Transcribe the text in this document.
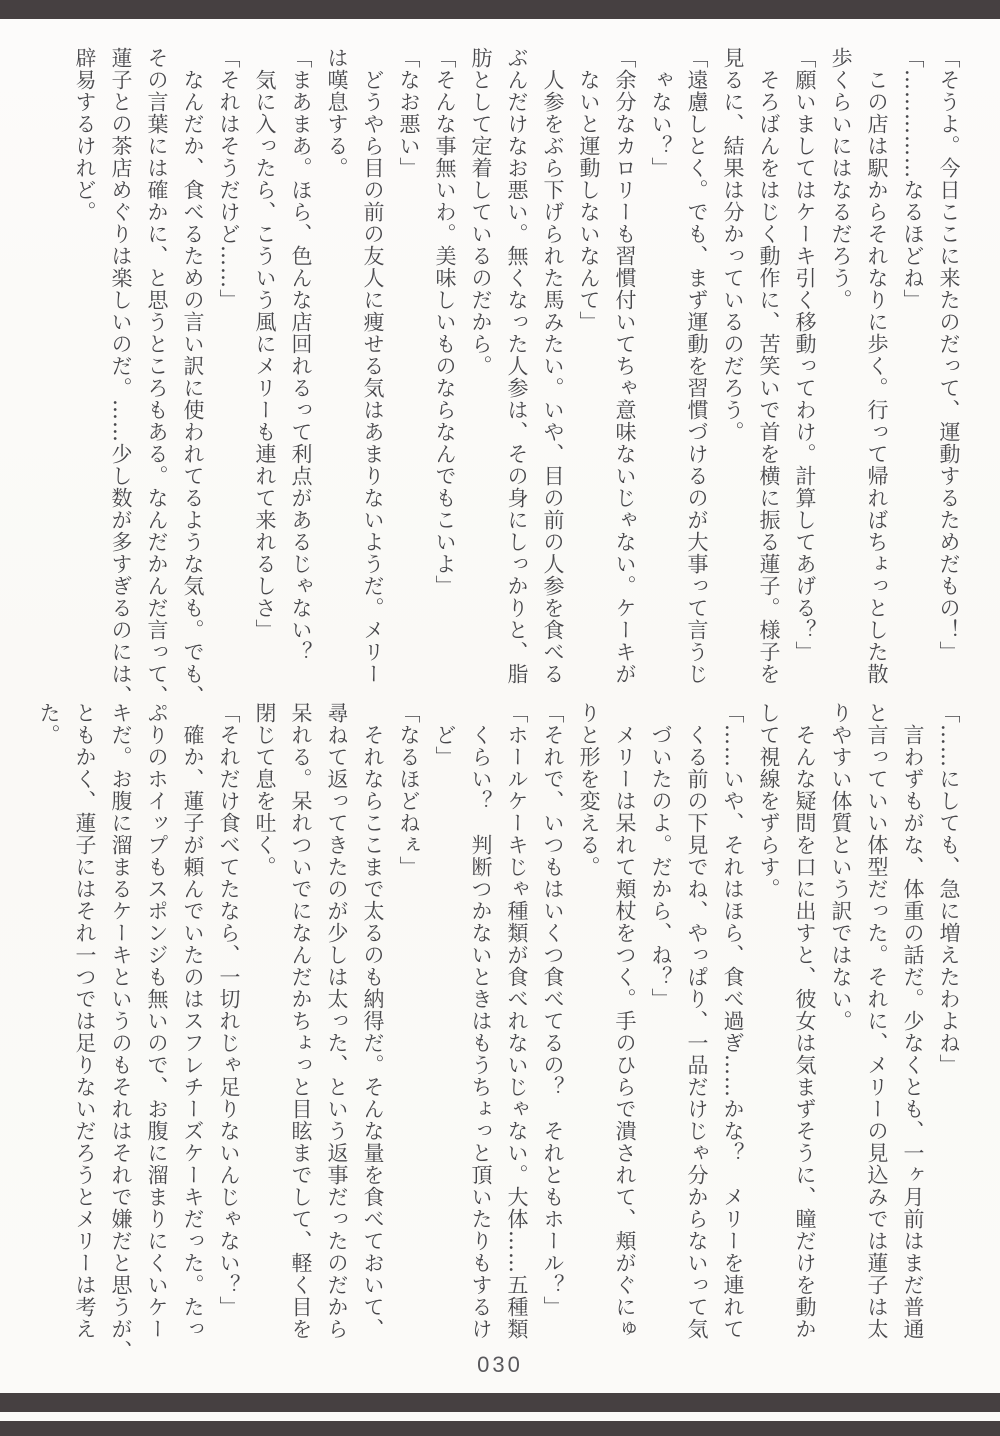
「そうよ。今日ここに来たのだって、運動するためだもの！」
「……………なるほどね」
この店は駅からそれなりに歩く。行って帰ればちょっとした散
歩くらいにはなるだろう。
「願いましてはケーキ引く移動ってわけ。計算してあげる？」
そろばんをはじく動作に、苦笑いで首を横に振る蓮子。様子を
見るに、結果は分かっているのだろう。
「遠慮しとく。でも、まず運動を習慣づけるのが大事って言うじ
ゃない？」
「余分なカロリーも習慣付いてちゃ意味ないじゃない。ケーキが
ないと運動しないなんて」
人参をぶら下げられた馬みたい。いや、目の前の人参を食べる
ぶんだけなお悪い。無くなった人参は、その身にしっかりと、脂
肪として定着しているのだから。
「そんな事無いわ。美味しいものならなんでもこいよ」
「なお悪い」
どうやら目の前の友人に痩せる気はあまりないようだ。メリー
は嘆息する。
「まあまあ。ほら、色んな店回れるって利点があるじゃない？
気に入ったら、こういう風にメリーも連れて来れるしさ」
「それはそうだけど……」
なんだか、食べるための言い訳に使われてるような気も。でも、
その言葉には確かに、と思うところもある。なんだかんだ言って、
蓮子との茶店めぐりは楽しいのだ。……少し数が多すぎるのには、
辟易するけれど。
「……にしても、急に増えたわよね」
言わずもがな、体重の話だ。少なくとも、一ヶ月前はまだ普通
と言っていい体型だった。それに、メリーの見込みでは蓮子は太
りやすい体質という訳ではない。
そんな疑問を口に出すと、彼女は気まずそうに、瞳だけを動か
して視線をずらす。
「……いや、それはほら、食べ過ぎ……かな？　メリーを連れて
くる前の下見でね、やっぱり、一品だけじゃ分からないって気
づいたのよ。だから、ね？」
メリーは呆れて頬杖をつく。手のひらで潰されて、頬がぐにゅ
りと形を変える。
「それで、いつもはいくつ食べてるの？　それともホール？」
「ホールケーキじゃ種類が食べれないじゃない。大体……五種類
くらい？　判断つかないときはもうちょっと頂いたりもするけ
ど」
「なるほどねぇ」
それならここまで太るのも納得だ。そんな量を食べておいて、
尋ねて返ってきたのが少しは太った、という返事だったのだから
呆れる。呆れついでになんだかちょっと目眩までして、軽く目を
閉じて息を吐く。
「それだけ食べてたなら、一切れじゃ足りないんじゃない？」
確か、蓮子が頼んでいたのはスフレチーズケーキだった。たっ
ぷりのホイップもスポンジも無いので、お腹に溜まりにくいケー
キだ。お腹に溜まるケーキというのもそれはそれで嫌だと思うが、
ともかく、蓮子にはそれ一つでは足りないだろうとメリーは考え
た。
030
